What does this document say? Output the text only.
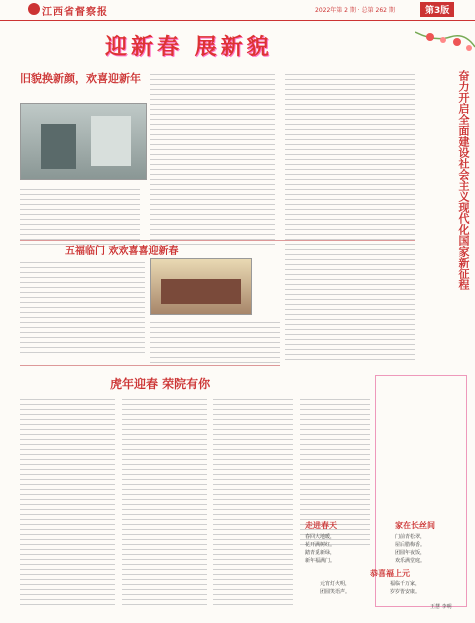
江西省督察报	2022年第 2 期 · 总第 262 期	第3版
迎新春 展新貌
奋力开启全面建设社会主义现代化国家新征程
旧貌换新颜，欢喜迎新年
五福临门 欢欢喜喜迎新春
虎年迎春 荣院有你
走进春天
春回大地暖，
花开满树红。
踏青觅新绿，
新年福满门。
家在长丝间
门前青松翠，
屋后腊梅香。
团圆年夜饭，
欢乐满堂庭。
恭喜福上元
元宵灯火明，
团圆笑语声。
福临千万家，
岁岁皆安康。
王慧 李明
